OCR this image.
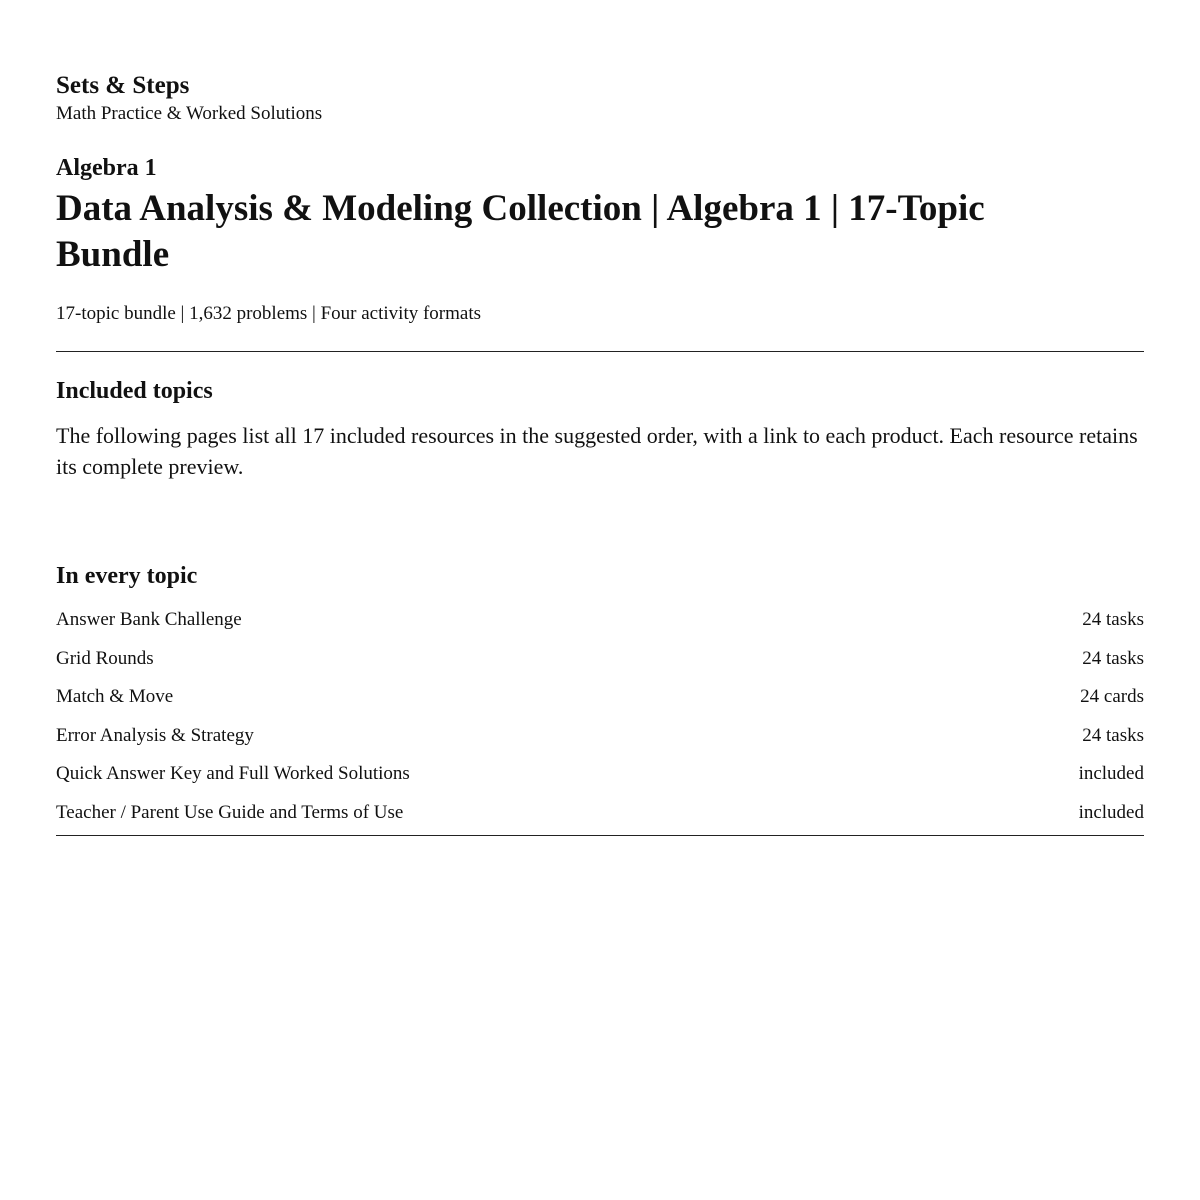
Sets & Steps

Math Practice & Worked Solutions

Algebra 1

Data Analysis & Modeling Collection | Algebra 1 | 17-Topic Bundle

17-topic bundle | 1,632 problems | Four activity formats

Included topics

The following pages list all 17 included resources in the suggested order, with a link to each product. Each resource retains its complete preview.

In every topic
Answer Bank Challenge	24 tasks
Grid Rounds	24 tasks
Match & Move	24 cards
Error Analysis & Strategy	24 tasks
Quick Answer Key and Full Worked Solutions	included
Teacher / Parent Use Guide and Terms of Use	included
